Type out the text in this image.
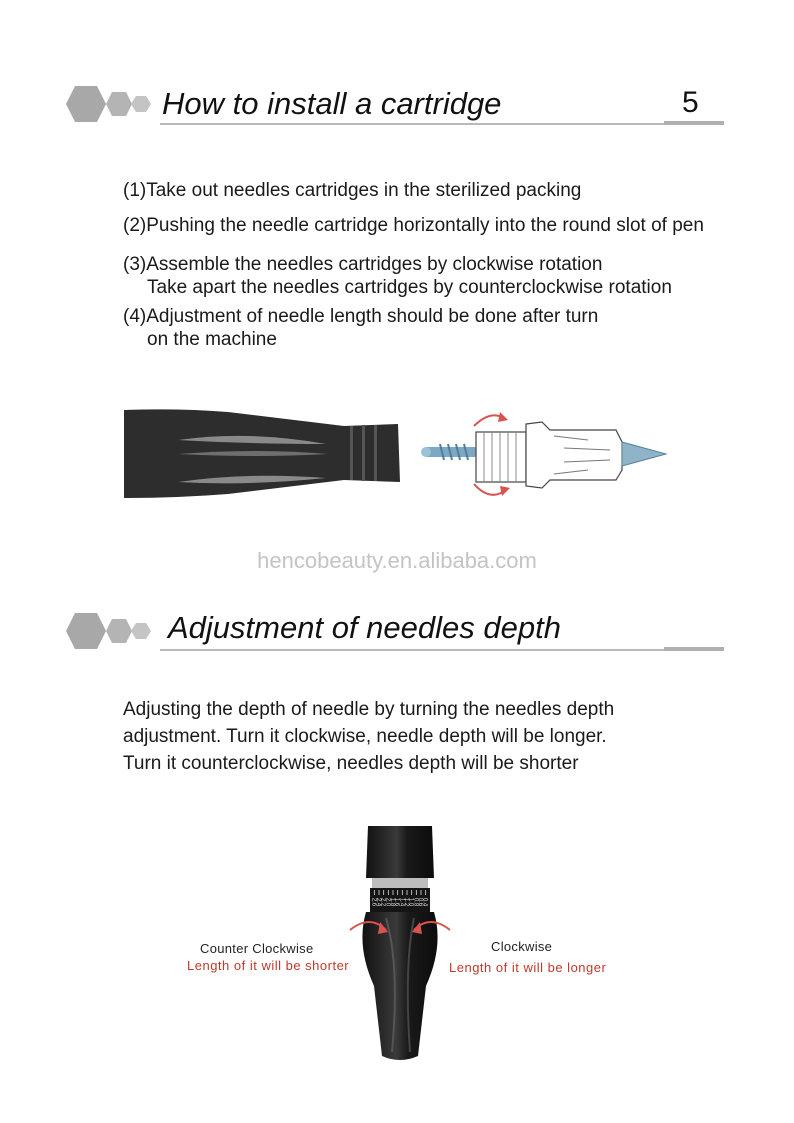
How to install a cartridge	5
(1)Take out needles cartridges in the sterilized packing
(2)Pushing the needle cartridge horizontally into the round slot of pen
(3)Assemble the needles cartridges by clockwise rotation
Take apart the needles cartridges by counterclockwise rotation
(4)Adjustment of needle length should be done after turn
on the machine
hencobeauty.en.alibaba.com
Adjustment of needles depth
Adjusting the depth of needle by turning the needles depth
adjustment. Turn it clockwise, needle depth will be longer.
Turn it counterclockwise, needles depth will be shorter
2.6
2.4
2.2
2.0
1.8
1.6
1.4
1.2
1.0
0.8
0.6
0.4
Counter Clockwise
Length of it will be shorter
Clockwise
Length of it will be longer
